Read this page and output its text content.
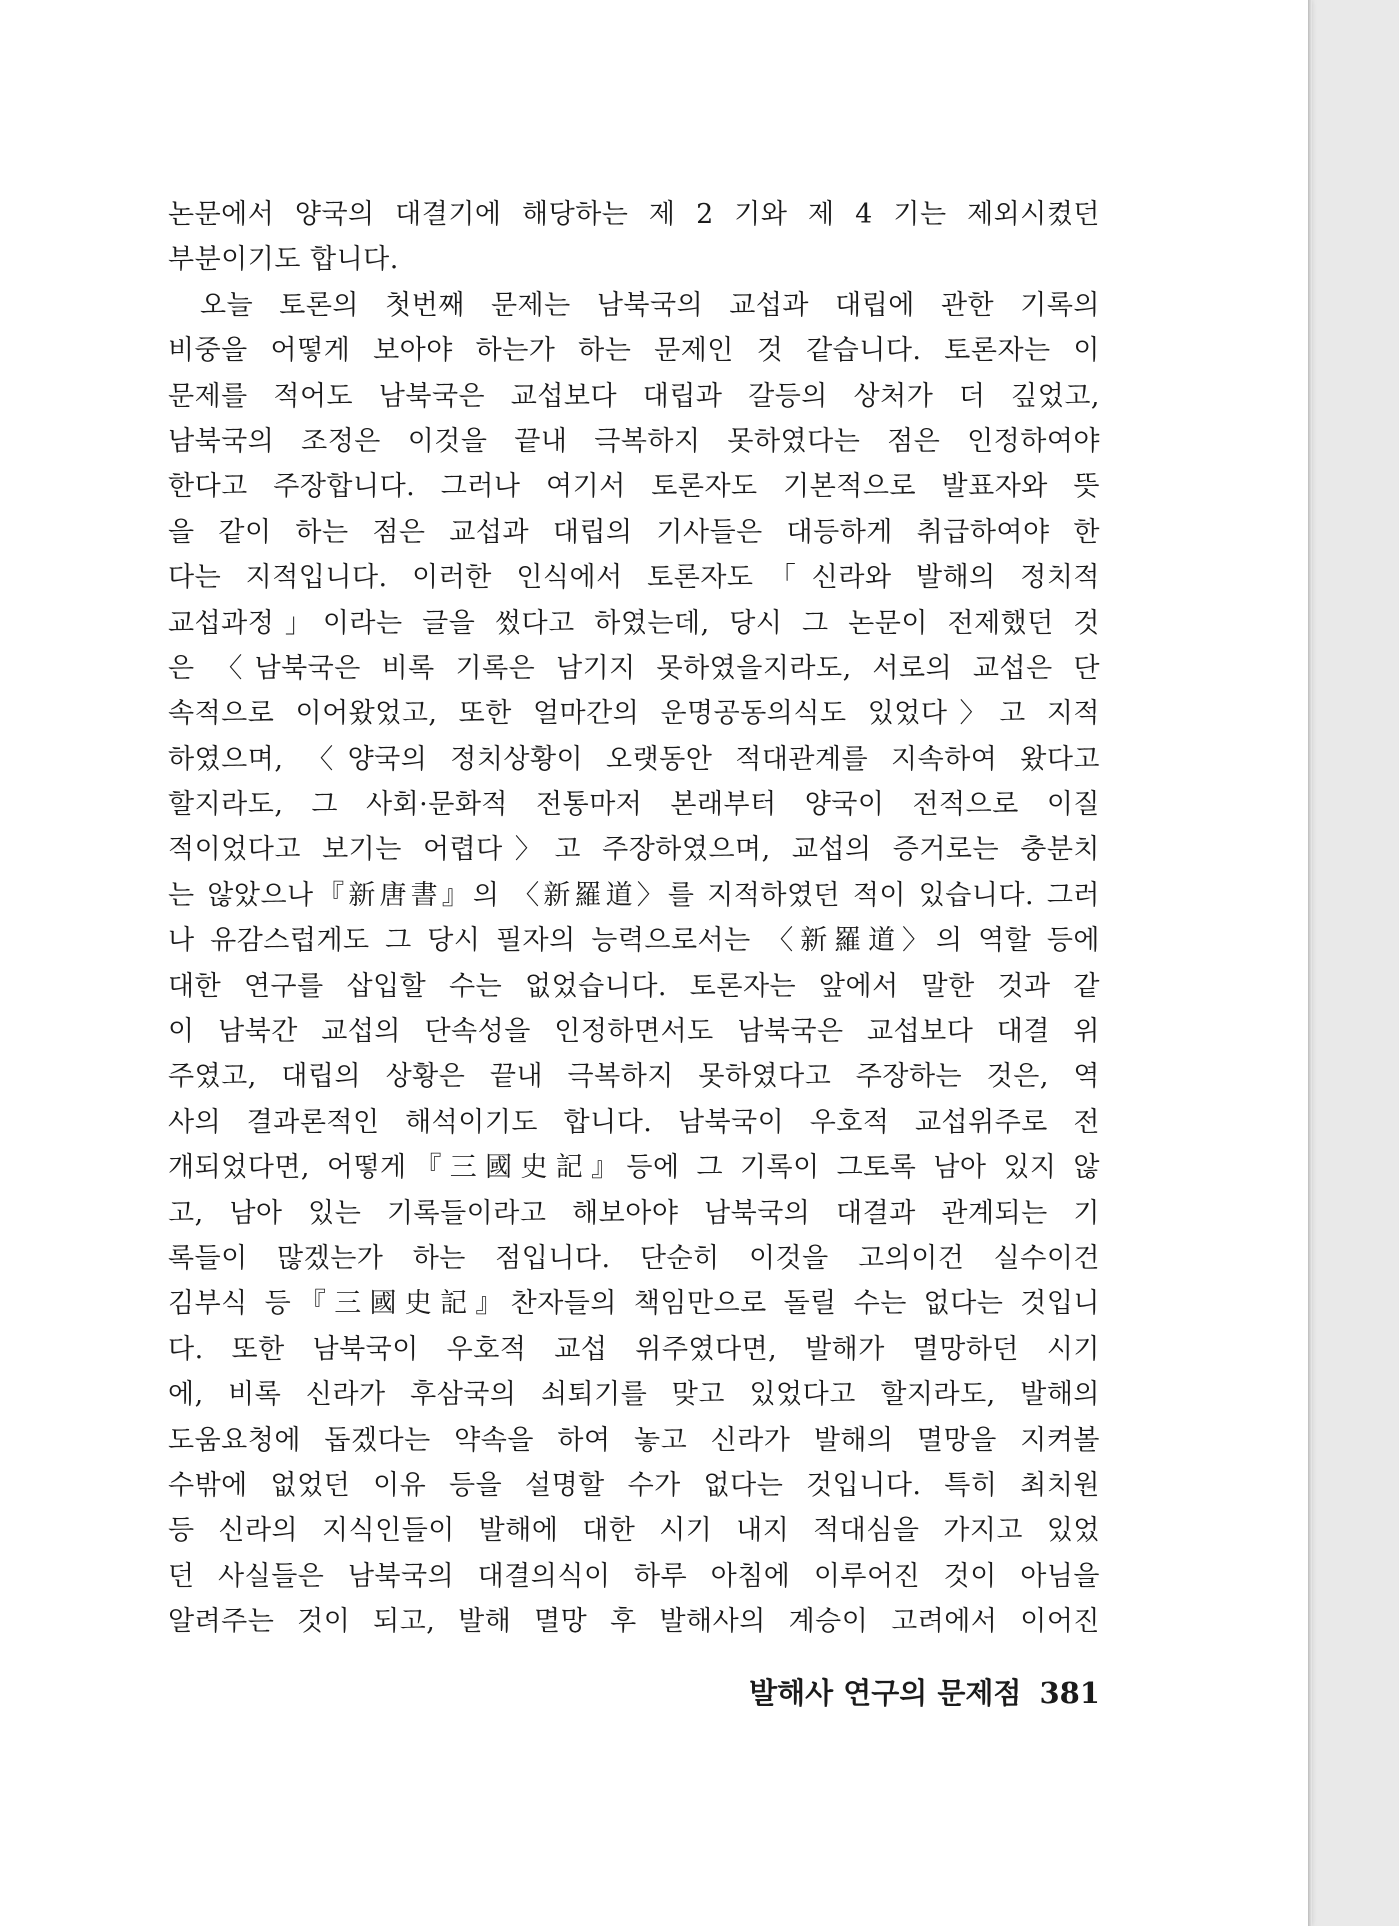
논문에서 양국의 대결기에 해당하는 제 2 기와 제 4 기는 제외시켰던
부분이기도 합니다.
오늘 토론의 첫번째 문제는 남북국의 교섭과 대립에 관한 기록의
비중을 어떻게 보아야 하는가 하는 문제인 것 같습니다. 토론자는 이
문제를 적어도 남북국은 교섭보다 대립과 갈등의 상처가 더 깊었고,
남북국의 조정은 이것을 끝내 극복하지 못하였다는 점은 인정하여야
한다고 주장합니다. 그러나 여기서 토론자도 기본적으로 발표자와 뜻
을 같이 하는 점은 교섭과 대립의 기사들은 대등하게 취급하여야 한
다는 지적입니다. 이러한 인식에서 토론자도「신라와 발해의 정치적
교섭과정」이라는 글을 썼다고 하였는데, 당시 그 논문이 전제했던 것
은 〈남북국은 비록 기록은 남기지 못하였을지라도, 서로의 교섭은 단
속적으로 이어왔었고, 또한 얼마간의 운명공동의식도 있었다〉고 지적
하였으며, 〈양국의 정치상황이 오랫동안 적대관계를 지속하여 왔다고
할지라도, 그 사회·문화적 전통마저 본래부터 양국이 전적으로 이질
적이었다고 보기는 어렵다〉고 주장하였으며, 교섭의 증거로는 충분치
는 않았으나『新唐書』의 〈新羅道〉를 지적하였던 적이 있습니다. 그러
나 유감스럽게도 그 당시 필자의 능력으로서는 〈新羅道〉의 역할 등에
대한 연구를 삽입할 수는 없었습니다. 토론자는 앞에서 말한 것과 같
이 남북간 교섭의 단속성을 인정하면서도 남북국은 교섭보다 대결 위
주였고, 대립의 상황은 끝내 극복하지 못하였다고 주장하는 것은, 역
사의 결과론적인 해석이기도 합니다. 남북국이 우호적 교섭위주로 전
개되었다면, 어떻게『三國史記』등에 그 기록이 그토록 남아 있지 않
고, 남아 있는 기록들이라고 해보아야 남북국의 대결과 관계되는 기
록들이 많겠는가 하는 점입니다. 단순히 이것을 고의이건 실수이건
김부식 등『三國史記』찬자들의 책임만으로 돌릴 수는 없다는 것입니
다. 또한 남북국이 우호적 교섭 위주였다면, 발해가 멸망하던 시기
에, 비록 신라가 후삼국의 쇠퇴기를 맞고 있었다고 할지라도, 발해의
도움요청에 돕겠다는 약속을 하여 놓고 신라가 발해의 멸망을 지켜볼
수밖에 없었던 이유 등을 설명할 수가 없다는 것입니다. 특히 최치원
등 신라의 지식인들이 발해에 대한 시기 내지 적대심을 가지고 있었
던 사실들은 남북국의 대결의식이 하루 아침에 이루어진 것이 아님을
알려주는 것이 되고, 발해 멸망 후 발해사의 계승이 고려에서 이어진
발해사 연구의 문제점 381
